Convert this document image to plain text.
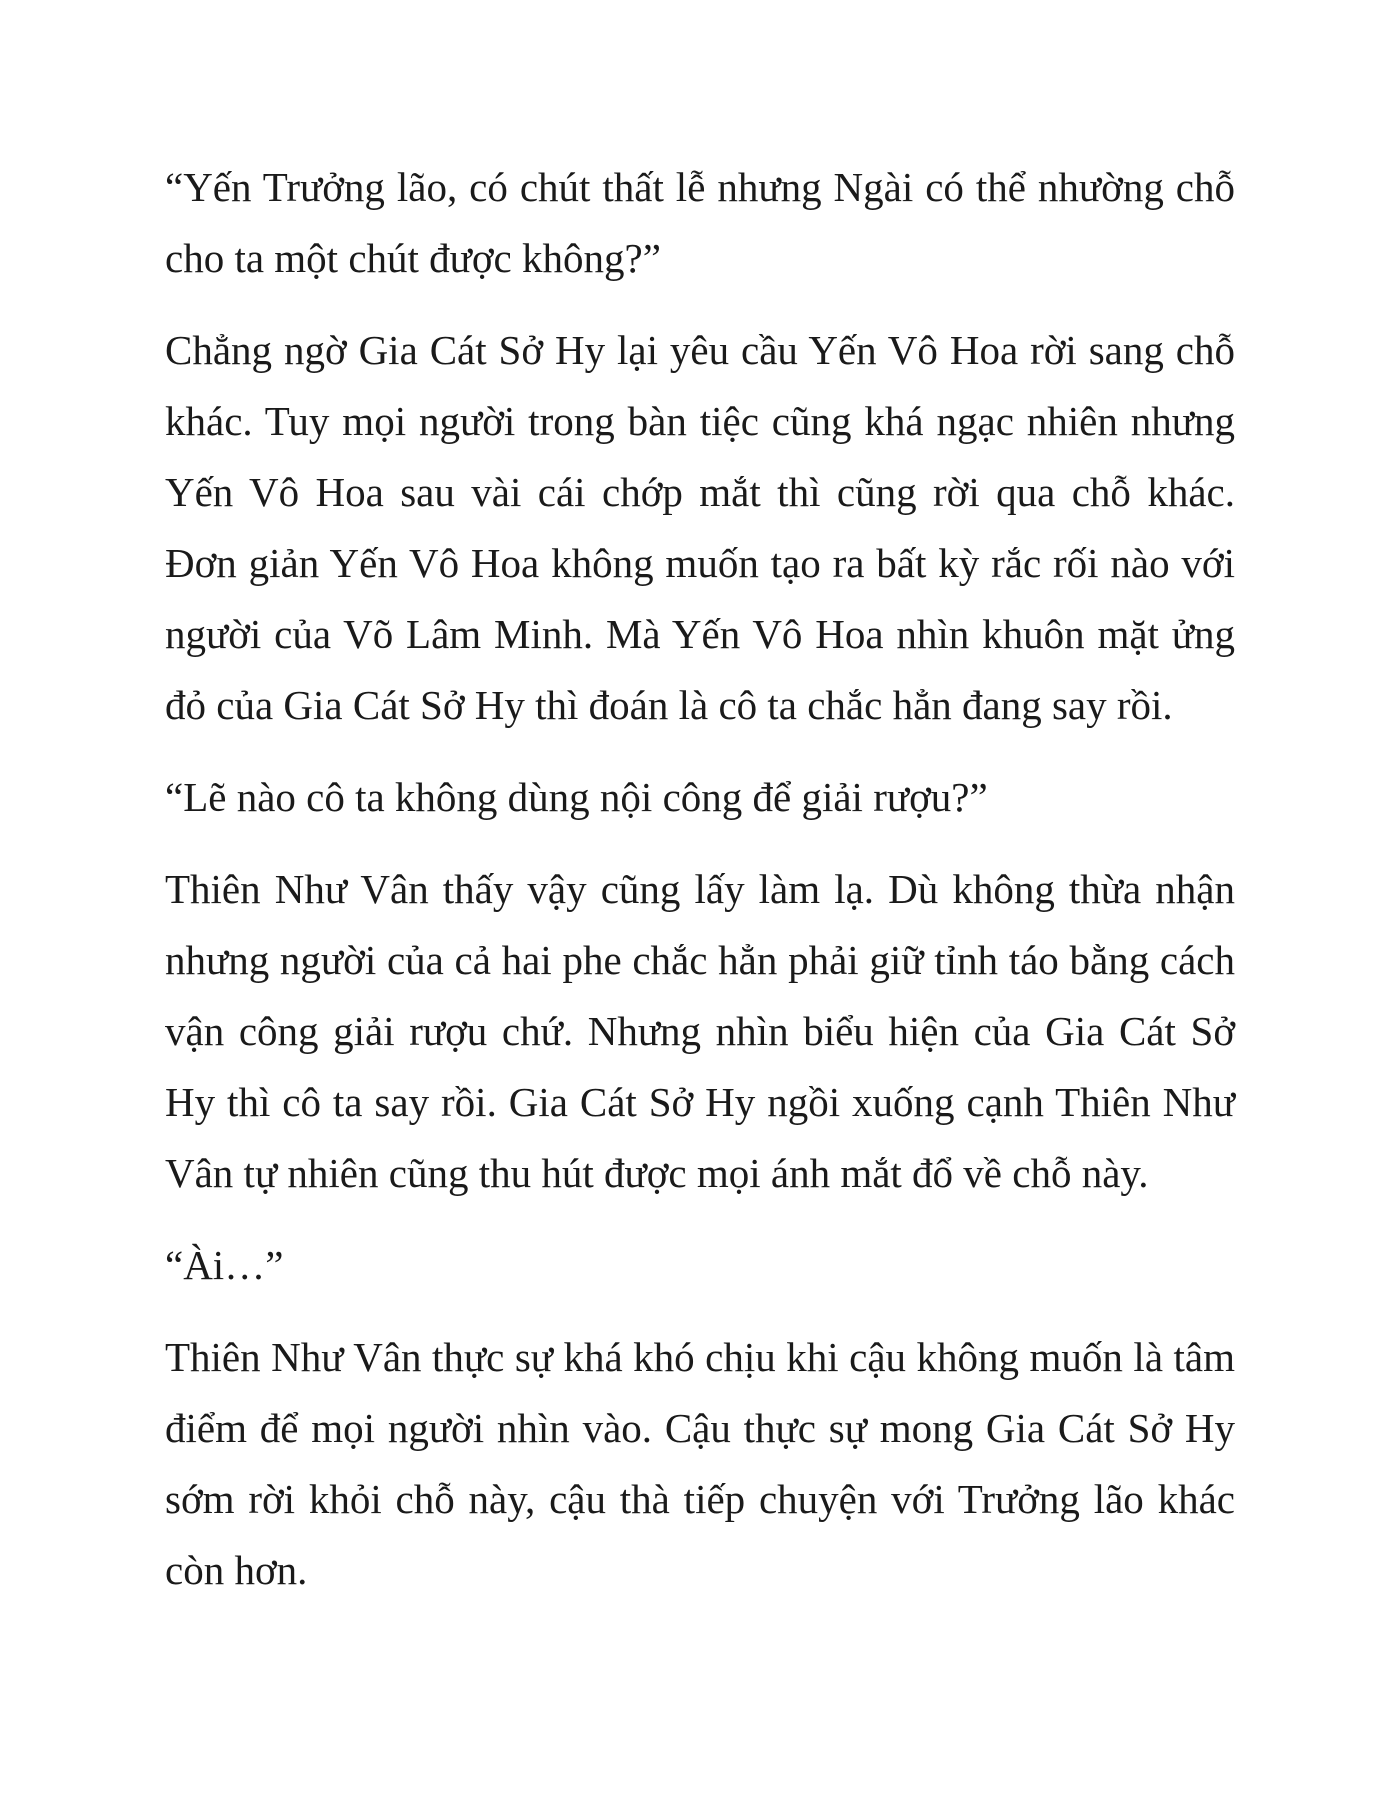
“Yến Trưởng lão, có chút thất lễ nhưng Ngài có thể nhường chỗ cho ta một chút được không?”

Chẳng ngờ Gia Cát Sở Hy lại yêu cầu Yến Vô Hoa rời sang chỗ khác. Tuy mọi người trong bàn tiệc cũng khá ngạc nhiên nhưng Yến Vô Hoa sau vài cái chớp mắt thì cũng rời qua chỗ khác. Đơn giản Yến Vô Hoa không muốn tạo ra bất kỳ rắc rối nào với người của Võ Lâm Minh. Mà Yến Vô Hoa nhìn khuôn mặt ửng đỏ của Gia Cát Sở Hy thì đoán là cô ta chắc hẳn đang say rồi.

“Lẽ nào cô ta không dùng nội công để giải rượu?”

Thiên Như Vân thấy vậy cũng lấy làm lạ. Dù không thừa nhận nhưng người của cả hai phe chắc hẳn phải giữ tỉnh táo bằng cách vận công giải rượu chứ. Nhưng nhìn biểu hiện của Gia Cát Sở Hy thì cô ta say rồi. Gia Cát Sở Hy ngồi xuống cạnh Thiên Như Vân tự nhiên cũng thu hút được mọi ánh mắt đổ về chỗ này.

“Ài…”

Thiên Như Vân thực sự khá khó chịu khi cậu không muốn là tâm điểm để mọi người nhìn vào. Cậu thực sự mong Gia Cát Sở Hy sớm rời khỏi chỗ này, cậu thà tiếp chuyện với Trưởng lão khác còn hơn.
